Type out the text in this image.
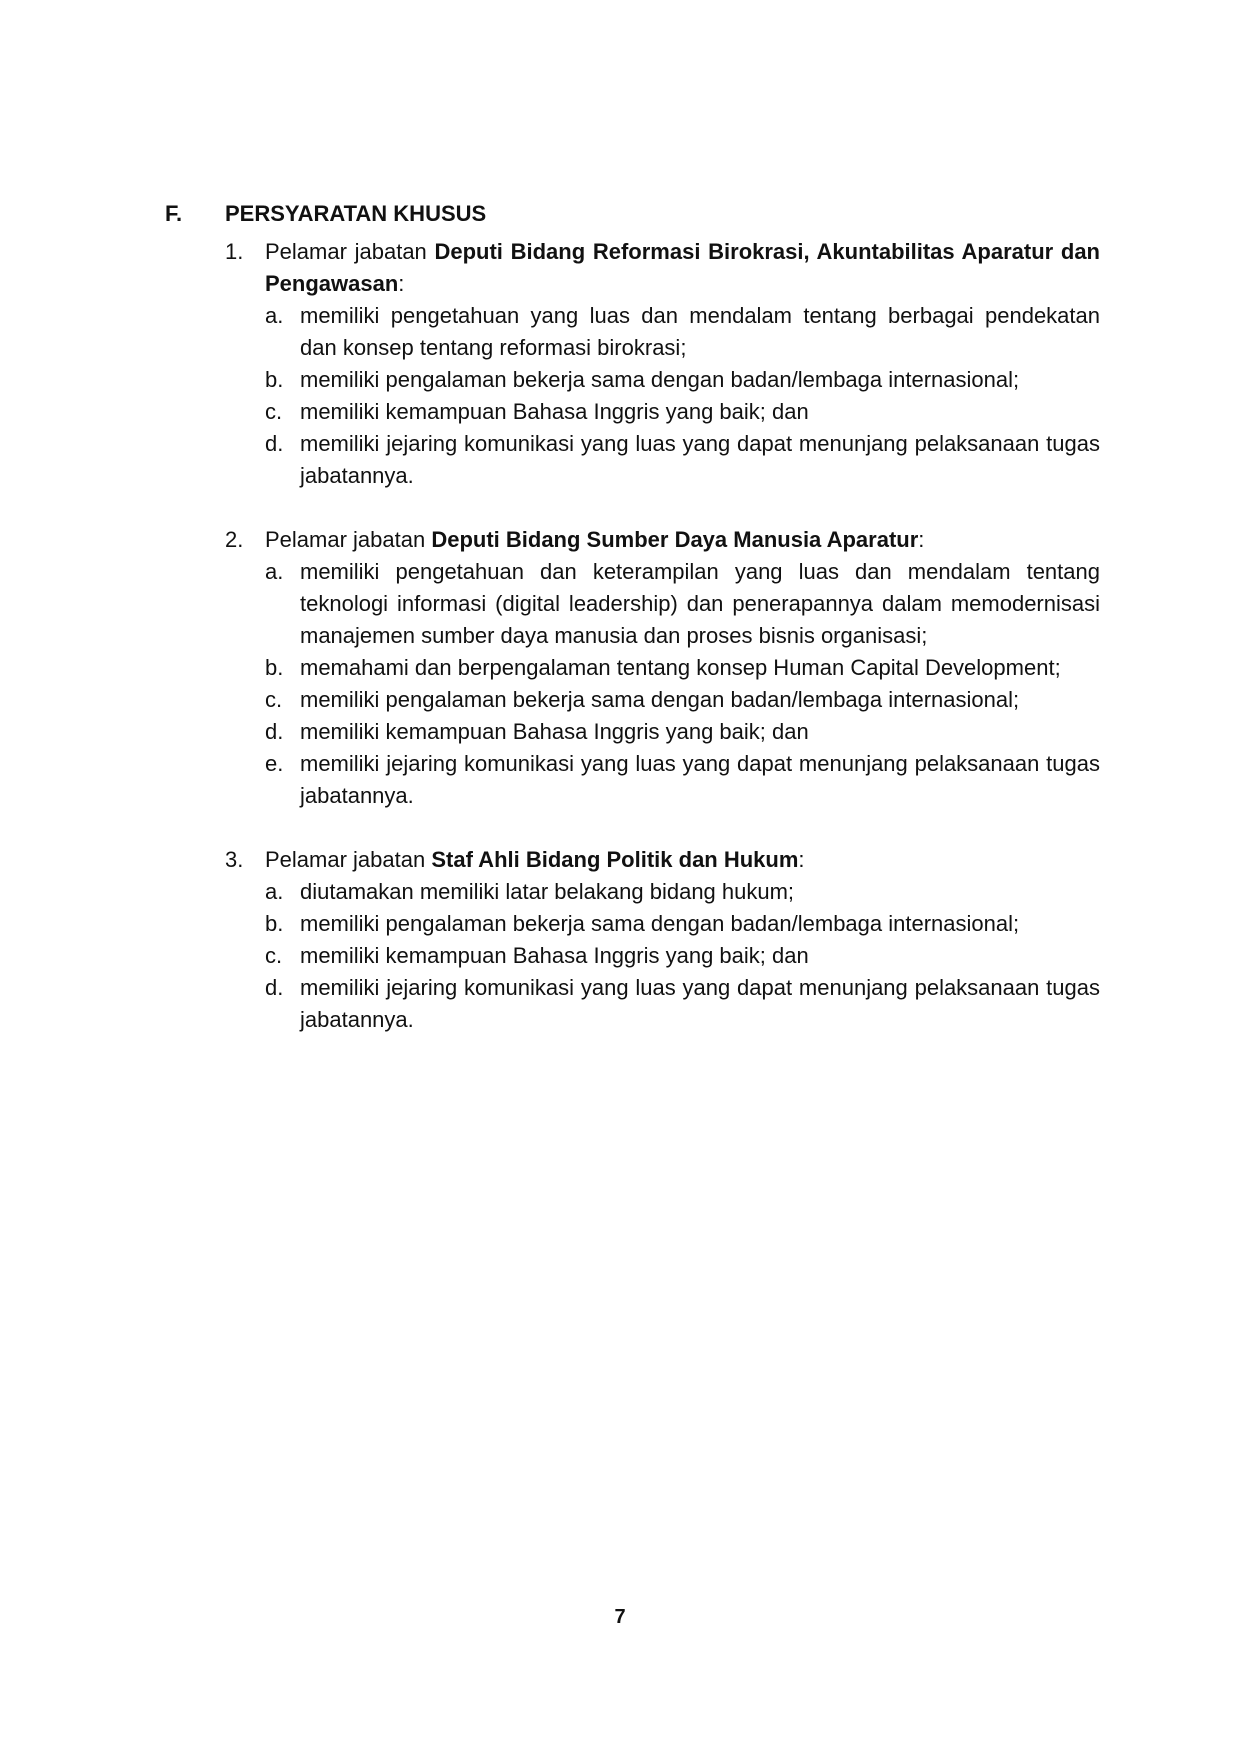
F.	PERSYARATAN KHUSUS
1. Pelamar jabatan Deputi Bidang Reformasi Birokrasi, Akuntabilitas Aparatur dan Pengawasan:
a. memiliki pengetahuan yang luas dan mendalam tentang berbagai pendekatan dan konsep tentang reformasi birokrasi;
b. memiliki pengalaman bekerja sama dengan badan/lembaga internasional;
c. memiliki kemampuan Bahasa Inggris yang baik; dan
d. memiliki jejaring komunikasi yang luas yang dapat menunjang pelaksanaan tugas jabatannya.
2. Pelamar jabatan Deputi Bidang Sumber Daya Manusia Aparatur:
a. memiliki pengetahuan dan keterampilan yang luas dan mendalam tentang teknologi informasi (digital leadership) dan penerapannya dalam memodernisasi manajemen sumber daya manusia dan proses bisnis organisasi;
b. memahami dan berpengalaman tentang konsep Human Capital Development;
c. memiliki pengalaman bekerja sama dengan badan/lembaga internasional;
d. memiliki kemampuan Bahasa Inggris yang baik; dan
e. memiliki jejaring komunikasi yang luas yang dapat menunjang pelaksanaan tugas jabatannya.
3. Pelamar jabatan Staf Ahli Bidang Politik dan Hukum:
a. diutamakan memiliki latar belakang bidang hukum;
b. memiliki pengalaman bekerja sama dengan badan/lembaga internasional;
c. memiliki kemampuan Bahasa Inggris yang baik; dan
d. memiliki jejaring komunikasi yang luas yang dapat menunjang pelaksanaan tugas jabatannya.
7
